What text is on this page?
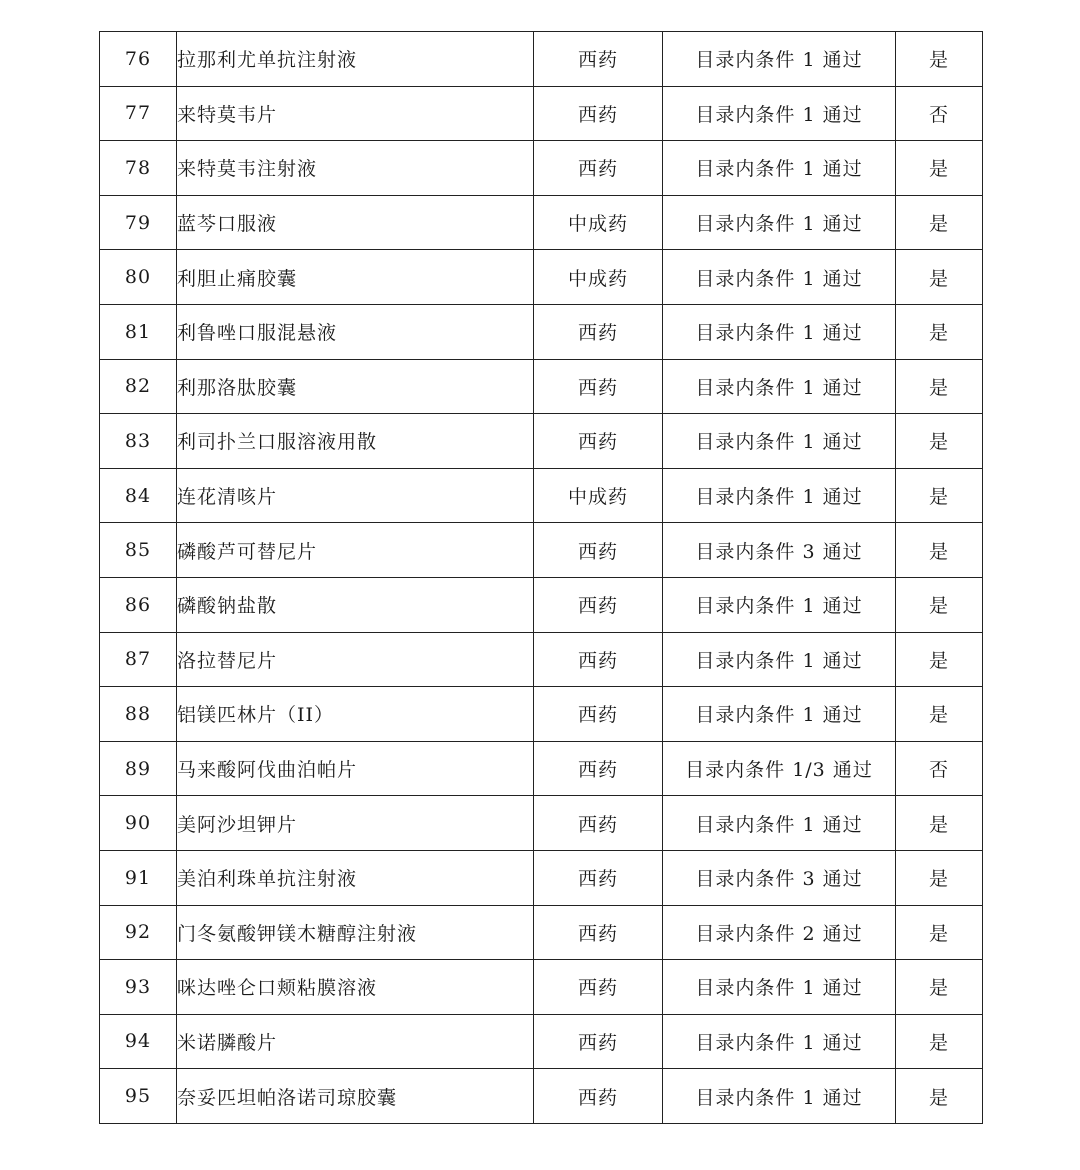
76	拉那利尤单抗注射液	西药	目录内条件 1 通过	是
77	来特莫韦片	西药	目录内条件 1 通过	否
78	来特莫韦注射液	西药	目录内条件 1 通过	是
79	蓝芩口服液	中成药	目录内条件 1 通过	是
80	利胆止痛胶囊	中成药	目录内条件 1 通过	是
81	利鲁唑口服混悬液	西药	目录内条件 1 通过	是
82	利那洛肽胶囊	西药	目录内条件 1 通过	是
83	利司扑兰口服溶液用散	西药	目录内条件 1 通过	是
84	连花清咳片	中成药	目录内条件 1 通过	是
85	磷酸芦可替尼片	西药	目录内条件 3 通过	是
86	磷酸钠盐散	西药	目录内条件 1 通过	是
87	洛拉替尼片	西药	目录内条件 1 通过	是
88	铝镁匹林片（II）	西药	目录内条件 1 通过	是
89	马来酸阿伐曲泊帕片	西药	目录内条件 1/3 通过	否
90	美阿沙坦钾片	西药	目录内条件 1 通过	是
91	美泊利珠单抗注射液	西药	目录内条件 3 通过	是
92	门冬氨酸钾镁木糖醇注射液	西药	目录内条件 2 通过	是
93	咪达唑仑口颊粘膜溶液	西药	目录内条件 1 通过	是
94	米诺膦酸片	西药	目录内条件 1 通过	是
95	奈妥匹坦帕洛诺司琼胶囊	西药	目录内条件 1 通过	是
